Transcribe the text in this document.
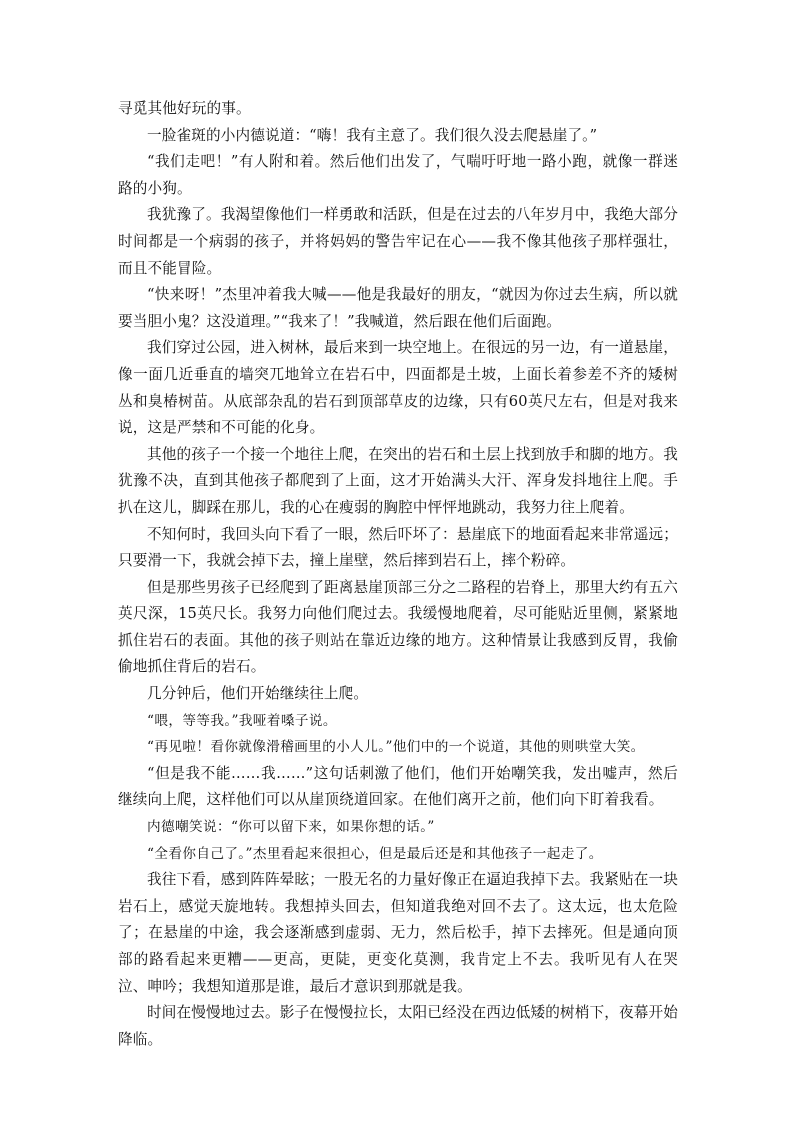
寻觅其他好玩的事。

一脸雀斑的小内德说道：“嗨！我有主意了。我们很久没去爬悬崖了。”

“我们走吧！”有人附和着。然后他们出发了，气喘吁吁地一路小跑，就像一群迷路的小狗。

我犹豫了。我渴望像他们一样勇敢和活跃，但是在过去的八年岁月中，我绝大部分时间都是一个病弱的孩子，并将妈妈的警告牢记在心——我不像其他孩子那样强壮，而且不能冒险。

“快来呀！”杰里冲着我大喊——他是我最好的朋友，“就因为你过去生病，所以就要当胆小鬼？这没道理。”“我来了！”我喊道，然后跟在他们后面跑。

我们穿过公园，进入树林，最后来到一块空地上。在很远的另一边，有一道悬崖，像一面几近垂直的墙突兀地耸立在岩石中，四面都是土坡，上面长着参差不齐的矮树丛和臭椿树苗。从底部杂乱的岩石到顶部草皮的边缘，只有60英尺左右，但是对我来说，这是严禁和不可能的化身。

其他的孩子一个接一个地往上爬，在突出的岩石和土层上找到放手和脚的地方。我犹豫不决，直到其他孩子都爬到了上面，这才开始满头大汗、浑身发抖地往上爬。手扒在这儿，脚踩在那儿，我的心在瘦弱的胸腔中怦怦地跳动，我努力往上爬着。

不知何时，我回头向下看了一眼，然后吓坏了：悬崖底下的地面看起来非常遥远；只要滑一下，我就会掉下去，撞上崖壁，然后摔到岩石上，摔个粉碎。

但是那些男孩子已经爬到了距离悬崖顶部三分之二路程的岩脊上，那里大约有五六英尺深，15英尺长。我努力向他们爬过去。我缓慢地爬着，尽可能贴近里侧，紧紧地抓住岩石的表面。其他的孩子则站在靠近边缘的地方。这种情景让我感到反胃，我偷偷地抓住背后的岩石。

几分钟后，他们开始继续往上爬。

“喂，等等我。”我哑着嗓子说。

“再见啦！看你就像滑稽画里的小人儿。”他们中的一个说道，其他的则哄堂大笑。

“但是我不能……我……”这句话刺激了他们，他们开始嘲笑我，发出嘘声，然后继续向上爬，这样他们可以从崖顶绕道回家。在他们离开之前，他们向下盯着我看。

内德嘲笑说：“你可以留下来，如果你想的话。”

“全看你自己了。”杰里看起来很担心，但是最后还是和其他孩子一起走了。

我往下看，感到阵阵晕眩；一股无名的力量好像正在逼迫我掉下去。我紧贴在一块岩石上，感觉天旋地转。我想掉头回去，但知道我绝对回不去了。这太远，也太危险了；在悬崖的中途，我会逐渐感到虚弱、无力，然后松手，掉下去摔死。但是通向顶部的路看起来更糟——更高，更陡，更变化莫测，我肯定上不去。我听见有人在哭泣、呻吟；我想知道那是谁，最后才意识到那就是我。

时间在慢慢地过去。影子在慢慢拉长，太阳已经没在西边低矮的树梢下，夜幕开始降临。
